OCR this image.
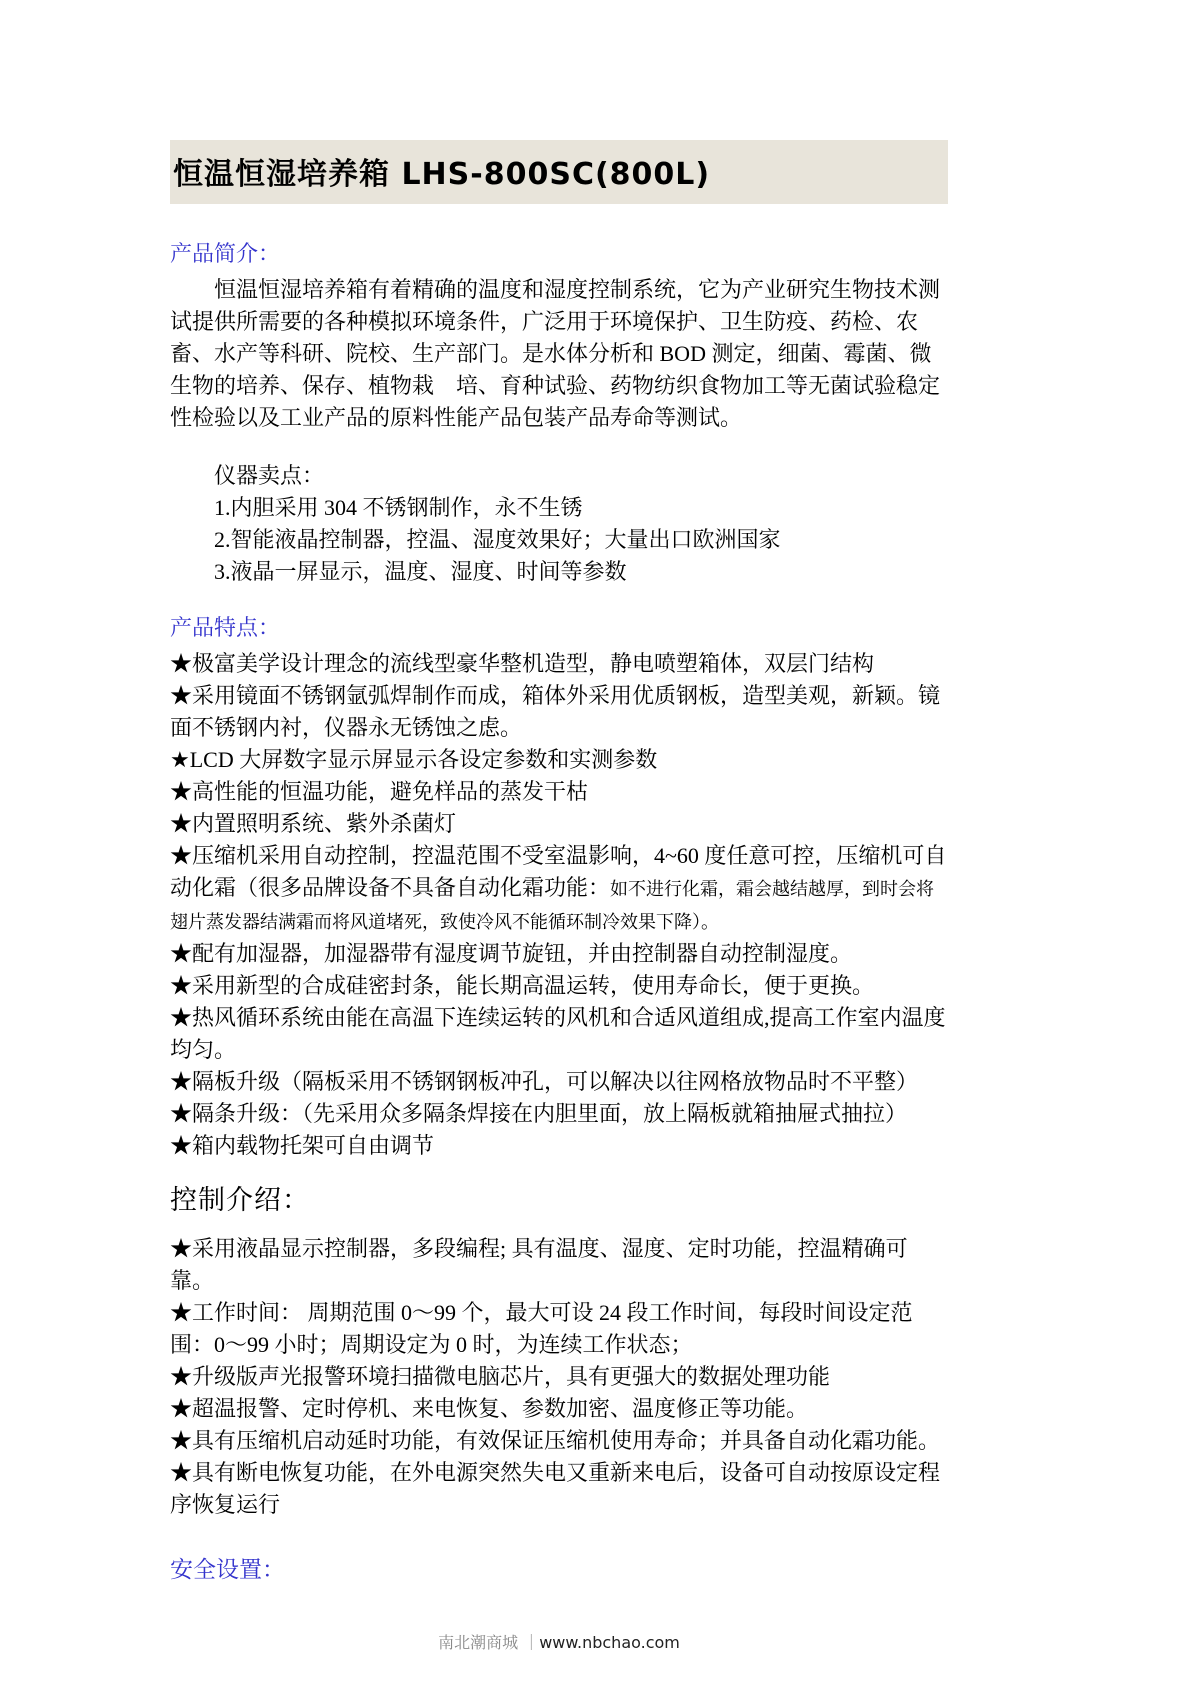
恒温恒湿培养箱 LHS-800SC(800L)
产品简介：

恒温恒湿培养箱有着精确的温度和湿度控制系统，它为产业研究生物技术测试提供所需要的各种模拟环境条件，广泛用于环境保护、卫生防疫、药检、农畜、水产等科研、院校、生产部门。是水体分析和 BOD 测定，细菌、霉菌、微生物的培养、保存、植物栽　培、育种试验、药物纺织食物加工等无菌试验稳定性检验以及工业产品的原料性能产品包装产品寿命等测试。

仪器卖点：
1.内胆采用 304 不锈钢制作，永不生锈
2.智能液晶控制器，控温、湿度效果好；大量出口欧洲国家
3.液晶一屏显示，温度、湿度、时间等参数
产品特点：

★极富美学设计理念的流线型豪华整机造型，静电喷塑箱体，双层门结构

★采用镜面不锈钢氩弧焊制作而成，箱体外采用优质钢板，造型美观，新颖。镜面不锈钢内衬，仪器永无锈蚀之虑。

★LCD 大屏数字显示屏显示各设定参数和实测参数

★高性能的恒温功能，避免样品的蒸发干枯

★内置照明系统、紫外杀菌灯

★压缩机采用自动控制，控温范围不受室温影响，4~60 度任意可控，压缩机可自动化霜（很多品牌设备不具备自动化霜功能：如不进行化霜，霜会越结越厚，到时会将翅片蒸发器结满霜而将风道堵死，致使冷风不能循环制冷效果下降）。

★配有加湿器，加湿器带有湿度调节旋钮，并由控制器自动控制湿度。

★采用新型的合成硅密封条，能长期高温运转，使用寿命长，便于更换。

★热风循环系统由能在高温下连续运转的风机和合适风道组成,提高工作室内温度均匀。

★隔板升级（隔板采用不锈钢钢板冲孔，可以解决以往网格放物品时不平整）

★隔条升级：（先采用众多隔条焊接在内胆里面，放上隔板就箱抽屉式抽拉）

★箱内载物托架可自由调节

控制介绍：

★采用液晶显示控制器，多段编程; 具有温度、湿度、定时功能，控温精确可靠。

★工作时间： 周期范围 0～99 个，最大可设 24 段工作时间，每段时间设定范围：0～99 小时；周期设定为 0 时，为连续工作状态；

★升级版声光报警环境扫描微电脑芯片，具有更强大的数据处理功能

★超温报警、定时停机、来电恢复、参数加密、温度修正等功能。

★具有压缩机启动延时功能，有效保证压缩机使用寿命；并具备自动化霜功能。

★具有断电恢复功能，在外电源突然失电又重新来电后，设备可自动按原设定程序恢复运行

安全设置：
南北潮商城 ｜www.nbchao.com
